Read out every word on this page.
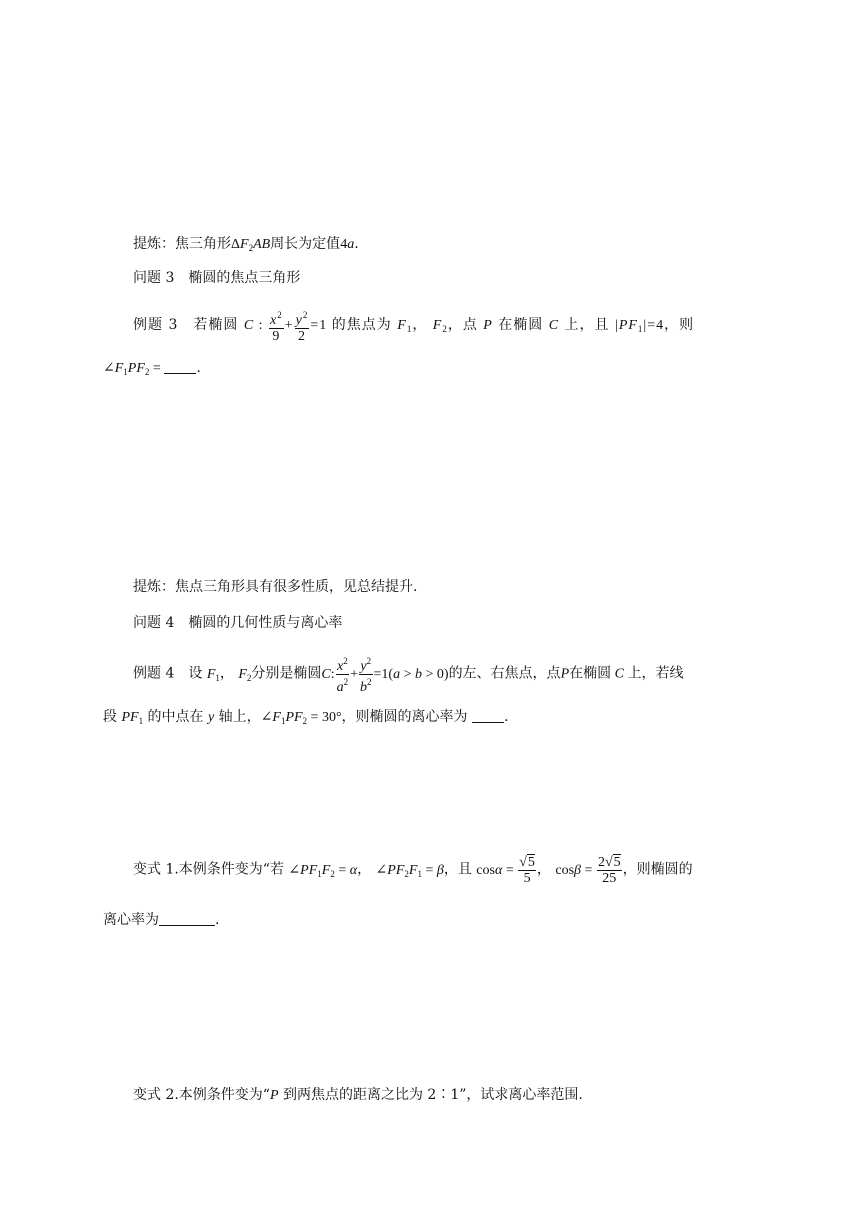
提炼：焦三角形$\Delta F_2AB$周长为定值4a.
问题 3　椭圆的焦点三角形
例题 3　若椭圆 C : $\frac{x^2}{9} + \frac{y^2}{2} =1$ 的焦点为 $F_1$， $F_2$，点 P 在椭圆 C 上，且 $|PF_1|=4$，则
$\angle F_1PF_2$ = .
提炼：焦点三角形具有很多性质，见总结提升.
问题 4　椭圆的几何性质与离心率
例题 4　设 $F_1$， $F_2$分别是椭圆C: $\frac{x^2}{a^2} + \frac{y^2}{b^2} =1(a > b > 0)$的左、右焦点，点P在椭圆 C 上，若线
段 $PF_1$ 的中点在 y 轴上，$\angle F_1PF_2 = 30^\circ$，则椭圆的离心率为	.
变式 1.本例条件变为“若 $\angle PF_1F_2 = \alpha$， $\angle PF_2F_1 = \beta$，且 $\cos\alpha = \frac{√5}{5}$ ， $\cos\beta = \frac{2√5}{25}$ ，则椭圆的
离心率为	.
变式 2.本例条件变为“P 到两焦点的距离之比为 2∶1”，试求离心率范围.
